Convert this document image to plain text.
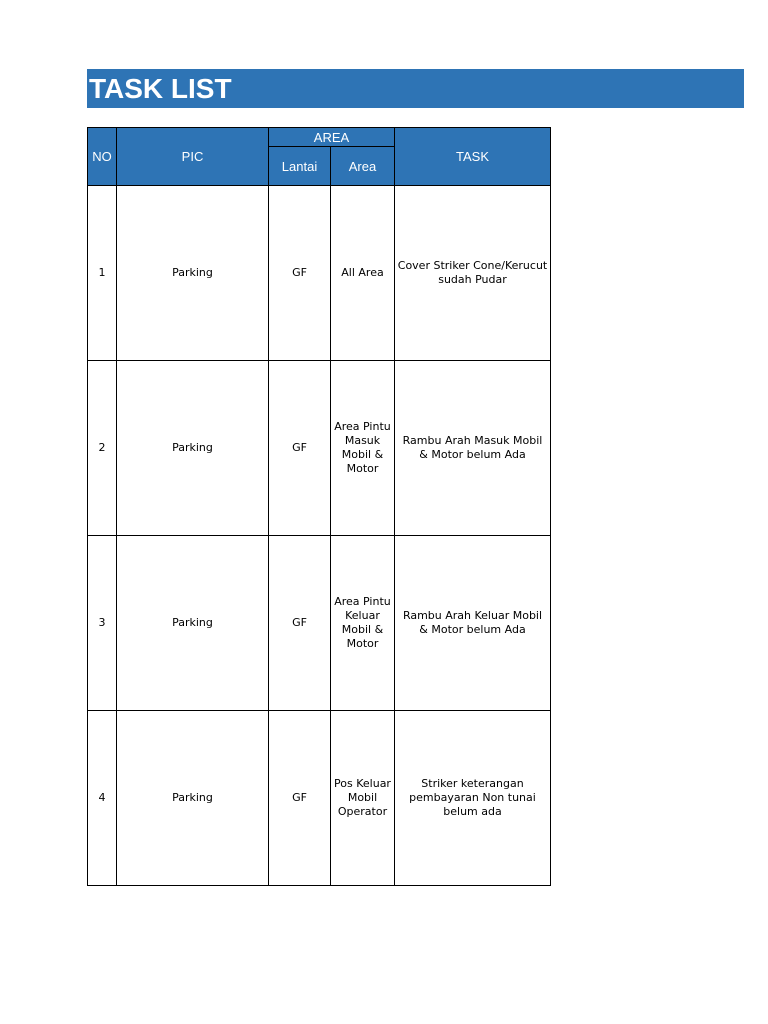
TASK LIST
NO	PIC	AREA		TASK
		Lantai	Area	
1	Parking	GF	All Area	Cover Striker Cone/Kerucut sudah Pudar
2	Parking	GF	Area Pintu Masuk Mobil & Motor	Rambu Arah Masuk Mobil & Motor belum Ada
3	Parking	GF	Area Pintu Keluar Mobil & Motor	Rambu Arah Keluar Mobil & Motor belum Ada
4	Parking	GF	Pos Keluar Mobil Operator	Striker keterangan pembayaran Non tunai belum ada
